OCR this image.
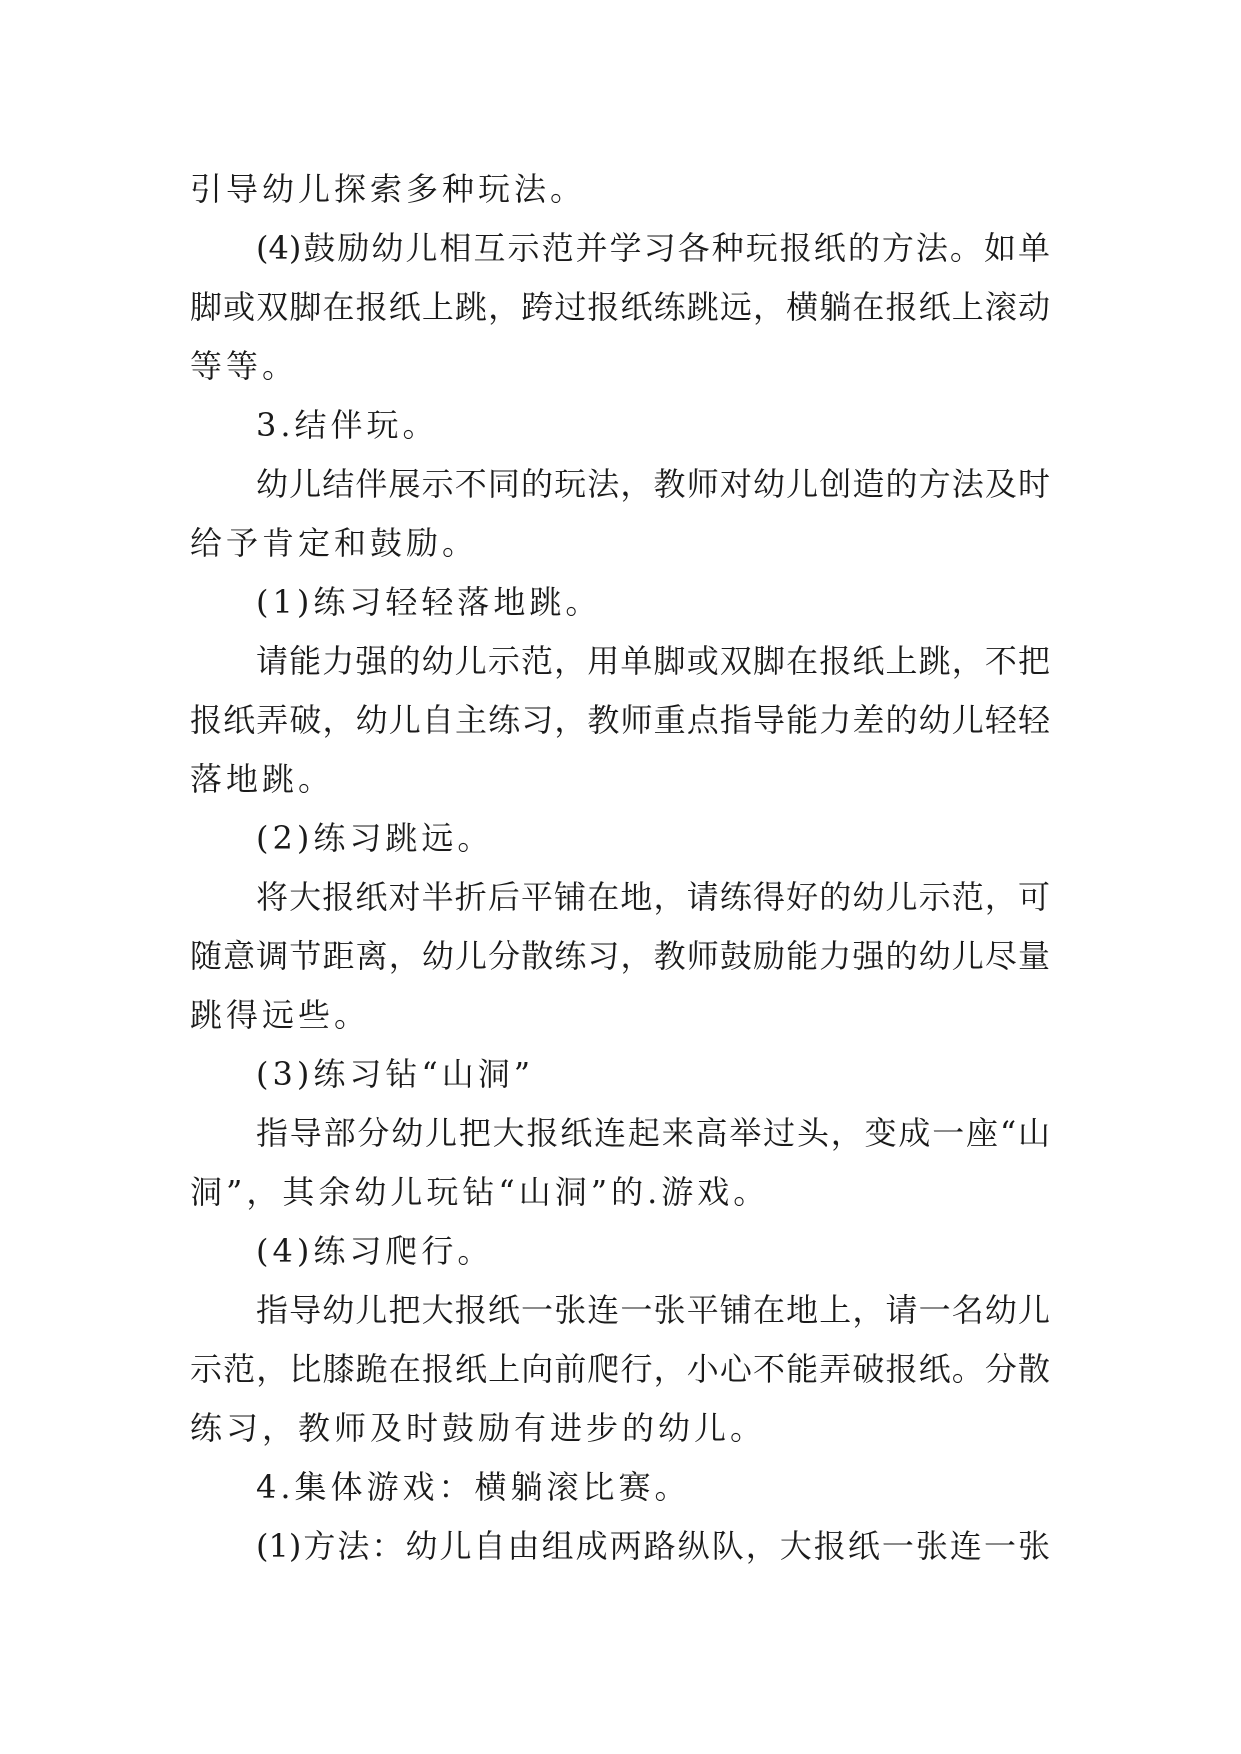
引导幼儿探索多种玩法。
(4)鼓励幼儿相互示范并学习各种玩报纸的方法。如单
脚或双脚在报纸上跳，跨过报纸练跳远，横躺在报纸上滚动
等等。
3.结伴玩。
幼儿结伴展示不同的玩法，教师对幼儿创造的方法及时
给予肯定和鼓励。
(1)练习轻轻落地跳。
请能力强的幼儿示范，用单脚或双脚在报纸上跳，不把
报纸弄破，幼儿自主练习，教师重点指导能力差的幼儿轻轻
落地跳。
(2)练习跳远。
将大报纸对半折后平铺在地，请练得好的幼儿示范，可
随意调节距离，幼儿分散练习，教师鼓励能力强的幼儿尽量
跳得远些。
(3)练习钻“山洞”
指导部分幼儿把大报纸连起来高举过头，变成一座“山
洞”，其余幼儿玩钻“山洞”的.游戏。
(4)练习爬行。
指导幼儿把大报纸一张连一张平铺在地上，请一名幼儿
示范，比膝跪在报纸上向前爬行，小心不能弄破报纸。分散
练习，教师及时鼓励有进步的幼儿。
4.集体游戏：横躺滚比赛。
(1)方法：幼儿自由组成两路纵队，大报纸一张连一张
